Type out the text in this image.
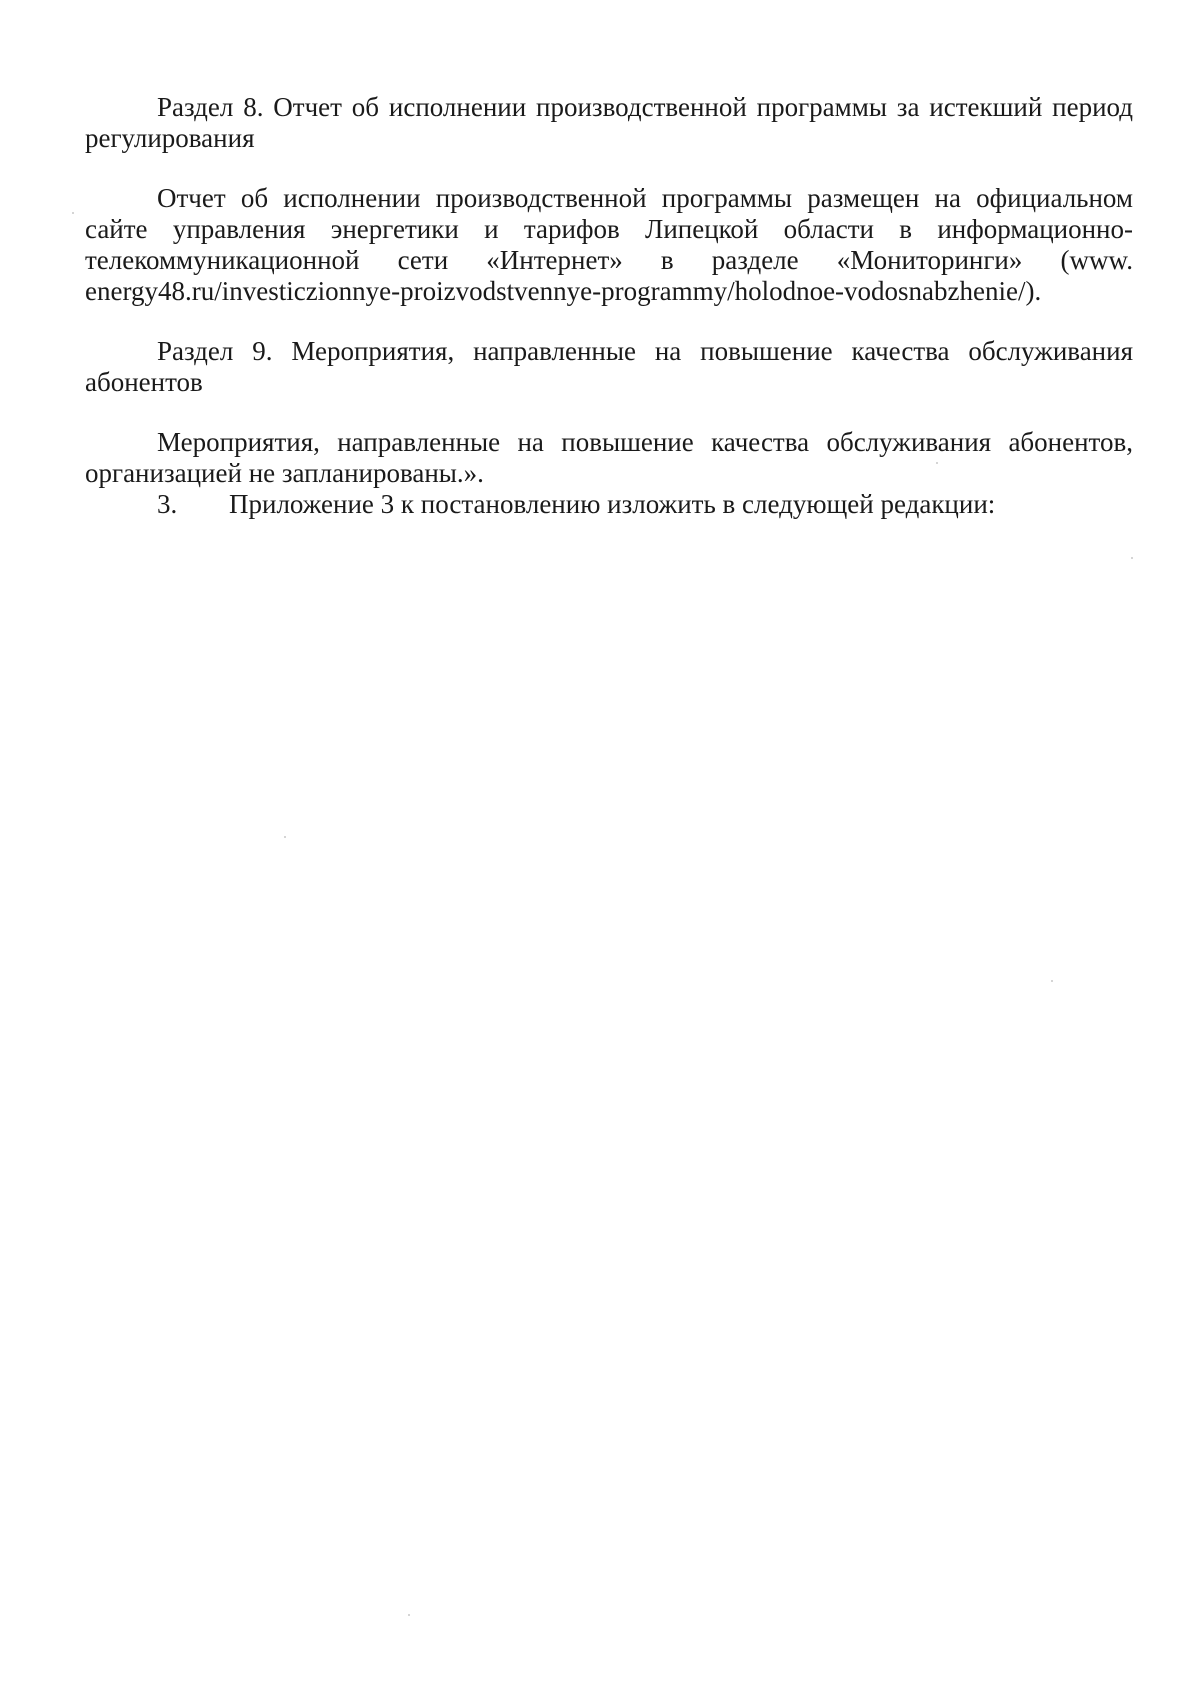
Раздел 8. Отчет об исполнении производственной программы за истекший период регулирования

Отчет об исполнении производственной программы размещен на официальном сайте управления энергетики и тарифов Липецкой области в информационно-телекоммуникационной сети «Интернет» в разделе «Мониторинги» (www. energy48.ru/investiczionnye-proizvodstvennye-programmy/holodnoe-vodosnabzhenie/).

Раздел 9. Мероприятия, направленные на повышение качества обслуживания абонентов

Мероприятия, направленные на повышение качества обслуживания абонентов, организацией не запланированы.».

3.	Приложение 3 к постановлению изложить в следующей редакции:
